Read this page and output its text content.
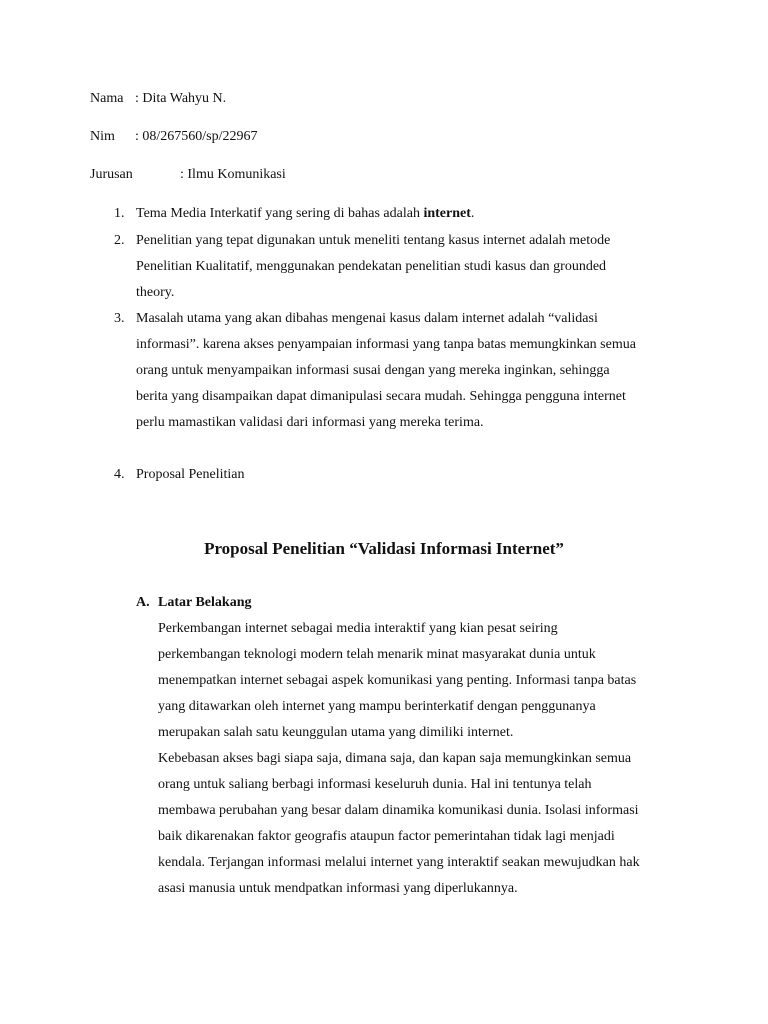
Nama : Dita Wahyu N.
Nim : 08/267560/sp/22967
Jurusan	: Ilmu Komunikasi
1. Tema Media Interkatif yang sering di bahas adalah internet.
2. Penelitian yang tepat digunakan untuk meneliti tentang kasus internet adalah metode
Penelitian Kualitatif, menggunakan pendekatan penelitian studi kasus dan grounded
theory.
3. Masalah utama yang akan dibahas mengenai kasus dalam internet adalah “validasi
informasi”. karena akses penyampaian informasi yang tanpa batas memungkinkan semua
orang untuk menyampaikan informasi susai dengan yang mereka inginkan, sehingga
berita yang disampaikan dapat dimanipulasi secara mudah. Sehingga pengguna internet
perlu mamastikan validasi dari informasi yang mereka terima.
4. Proposal Penelitian
Proposal Penelitian “Validasi Informasi Internet”
A. Latar Belakang
Perkembangan internet sebagai media interaktif yang kian pesat seiring
perkembangan teknologi modern telah menarik minat masyarakat dunia untuk
menempatkan internet sebagai aspek komunikasi yang penting. Informasi tanpa batas
yang ditawarkan oleh internet yang mampu berinterkatif dengan penggunanya
merupakan salah satu keunggulan utama yang dimiliki internet.
Kebebasan akses bagi siapa saja, dimana saja, dan kapan saja memungkinkan semua
orang untuk saliang berbagi informasi keseluruh dunia. Hal ini tentunya telah
membawa perubahan yang besar dalam dinamika komunikasi dunia. Isolasi informasi
baik dikarenakan faktor geografis ataupun factor pemerintahan tidak lagi menjadi
kendala. Terjangan informasi melalui internet yang interaktif seakan mewujudkan hak
asasi manusia untuk mendpatkan informasi yang diperlukannya.
